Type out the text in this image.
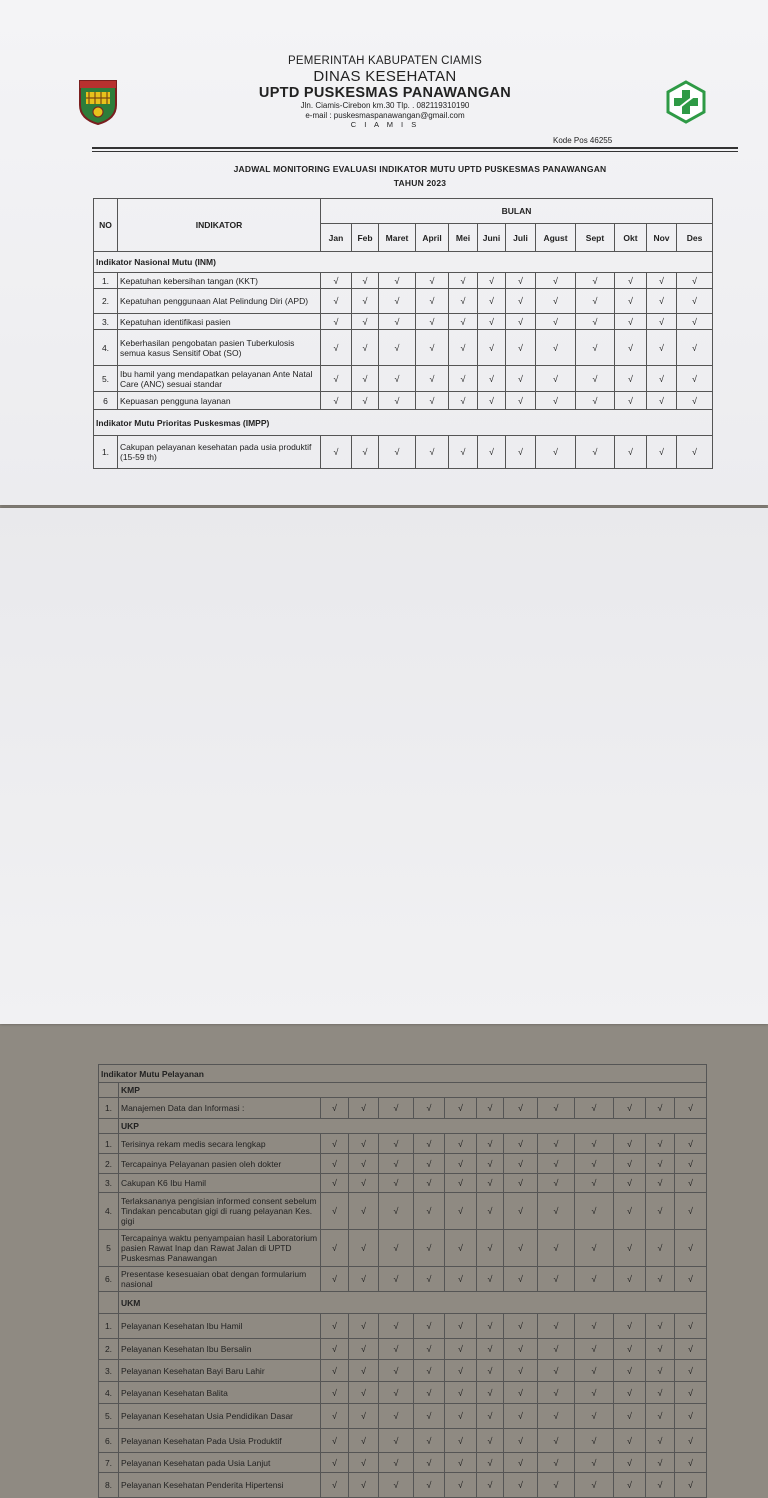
PEMERINTAH KABUPATEN CIAMIS
DINAS KESEHATAN
UPTD PUSKESMAS PANAWANGAN
Jln. Ciamis-Cirebon km.30 Tlp. . 082119310190
e-mail : puskesmaspanawangan@gmail.com
C I A M I S
Kode Pos 46255
JADWAL MONITORING EVALUASI INDIKATOR MUTU UPTD PUSKESMAS PANAWANGAN
TAHUN 2023
NO	INDIKATOR	BULAN											
		Jan	Feb	Maret	April	Mei	Juni	Juli	Agust	Sept	Okt	Nov	Des
Indikator Nasional Mutu (INM)													
1.	Kepatuhan kebersihan tangan (KKT)	√	√	√	√	√	√	√	√	√	√	√	√
2.	Kepatuhan penggunaan Alat Pelindung Diri (APD)	√	√	√	√	√	√	√	√	√	√	√	√
3.	Kepatuhan identifikasi pasien	√	√	√	√	√	√	√	√	√	√	√	√
4.	Keberhasilan pengobatan pasien Tuberkulosis semua kasus Sensitif Obat (SO)	√	√	√	√	√	√	√	√	√	√	√	√
5.	Ibu hamil yang mendapatkan pelayanan Ante Natal Care (ANC) sesuai standar	√	√	√	√	√	√	√	√	√	√	√	√
6	Kepuasan pengguna layanan	√	√	√	√	√	√	√	√	√	√	√	√
Indikator Mutu Prioritas Puskesmas (IMPP)													
1.	Cakupan pelayanan kesehatan pada usia produktif (15-59 th)	√	√	√	√	√	√	√	√	√	√	√	√
Indikator Mutu Pelayanan													
	KMP												
1.	Manajemen Data dan Informasi :	√	√	√	√	√	√	√	√	√	√	√	√
	UKP												
1.	Terisinya rekam medis secara lengkap	√	√	√	√	√	√	√	√	√	√	√	√
2.	Tercapainya Pelayanan pasien oleh dokter	√	√	√	√	√	√	√	√	√	√	√	√
3.	Cakupan K6 Ibu Hamil	√	√	√	√	√	√	√	√	√	√	√	√
4.	Terlaksananya pengisian informed consent sebelum Tindakan pencabutan gigi di ruang pelayanan Kes. gigi	√	√	√	√	√	√	√	√	√	√	√	√
5	Tercapainya waktu penyampaian hasil Laboratorium pasien Rawat Inap dan Rawat Jalan di UPTD Puskesmas Panawangan	√	√	√	√	√	√	√	√	√	√	√	√
6.	Presentase kesesuaian obat dengan formularium nasional	√	√	√	√	√	√	√	√	√	√	√	√
	UKM												
1.	Pelayanan Kesehatan Ibu Hamil	√	√	√	√	√	√	√	√	√	√	√	√
2.	Pelayanan Kesehatan Ibu Bersalin	√	√	√	√	√	√	√	√	√	√	√	√
3.	Pelayanan Kesehatan Bayi Baru Lahir	√	√	√	√	√	√	√	√	√	√	√	√
4.	Pelayanan Kesehatan Balita	√	√	√	√	√	√	√	√	√	√	√	√
5.	Pelayanan Kesehatan Usia Pendidikan Dasar	√	√	√	√	√	√	√	√	√	√	√	√
6.	Pelayanan Kesehatan Pada Usia Produktif	√	√	√	√	√	√	√	√	√	√	√	√
7.	Pelayanan Kesehatan pada Usia Lanjut	√	√	√	√	√	√	√	√	√	√	√	√
8.	Pelayanan Kesehatan Penderita Hipertensi	√	√	√	√	√	√	√	√	√	√	√	√
